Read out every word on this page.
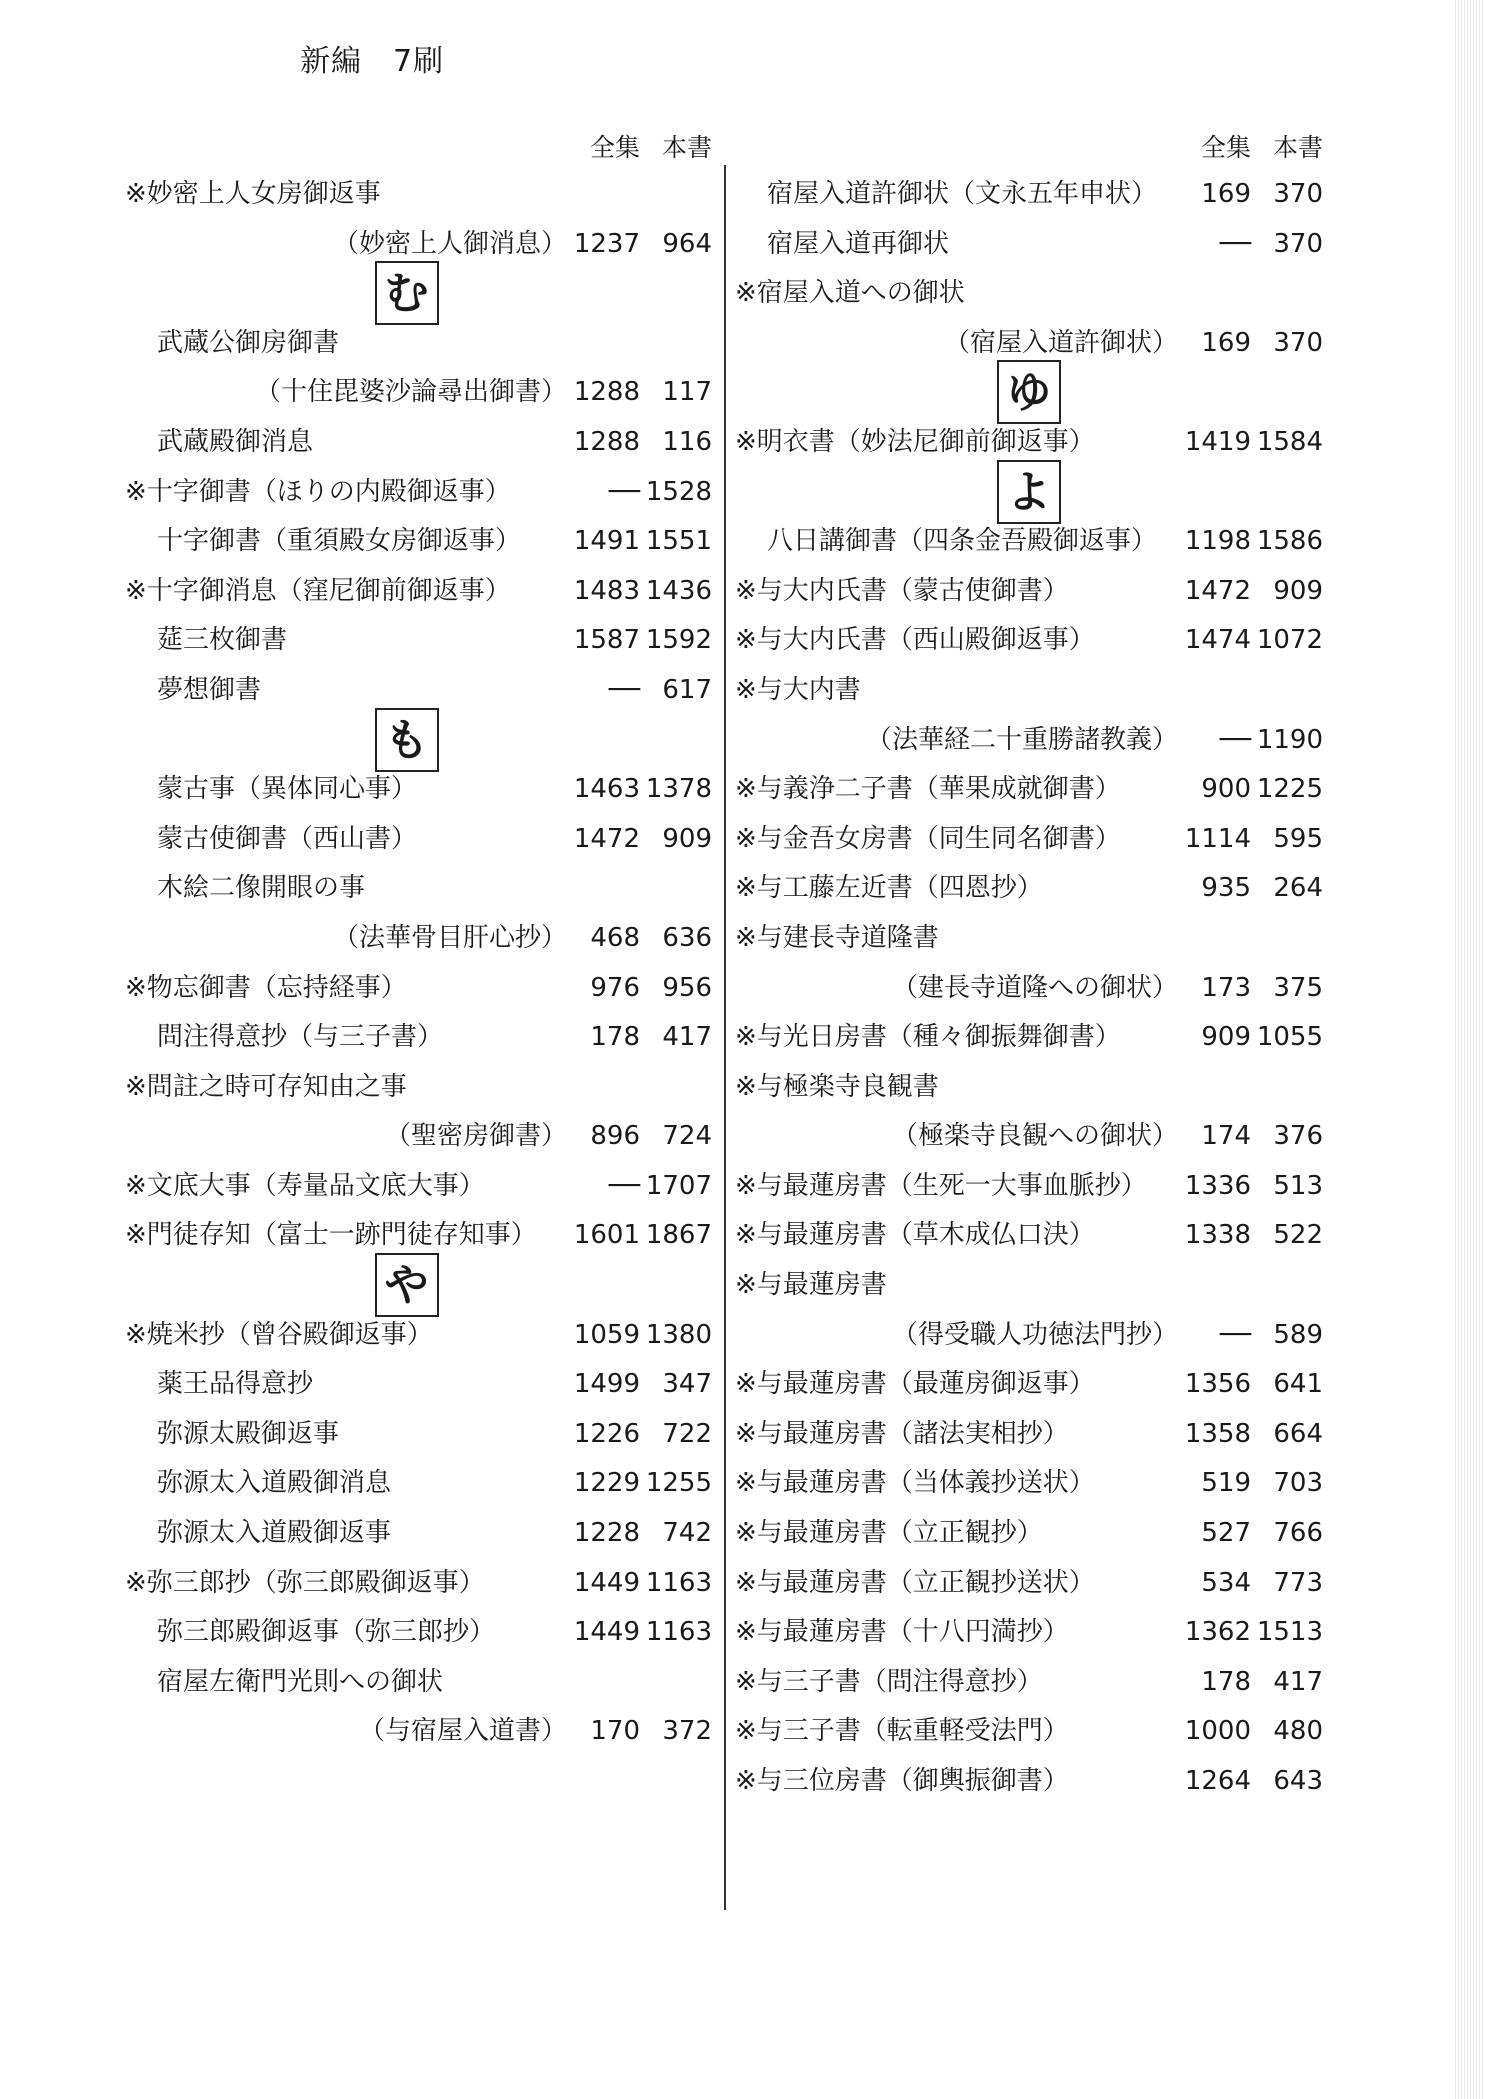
新編　7刷
全集 本書
※妙密上人女房御返事
（妙密上人御消息） 1237 964
む
武蔵公御房御書
（十住毘婆沙論尋出御書） 1288 117
武蔵殿御消息	1288 116
※十字御書（ほりの内殿御返事）	── 1528
十字御書（重須殿女房御返事） 1491 1551
※十字御消息（窪尼御前御返事） 1483 1436
莚三枚御書	1587 1592
夢想御書	── 617
も
蒙古事（異体同心事）	1463 1378
蒙古使御書（西山書）	1472 909
木絵二像開眼の事
（法華骨目肝心抄） 468 636
※物忘御書（忘持経事）	976 956
問注得意抄（与三子書）	178 417
※問註之時可存知由之事
（聖密房御書） 896 724
※文底大事（寿量品文底大事）	── 1707
※門徒存知（富士一跡門徒存知事） 1601 1867
や
※焼米抄（曾谷殿御返事）	1059 1380
薬王品得意抄	1499 347
弥源太殿御返事	1226 722
弥源太入道殿御消息	1229 1255
弥源太入道殿御返事	1228 742
※弥三郎抄（弥三郎殿御返事）	1449 1163
弥三郎殿御返事（弥三郎抄）	1449 1163
宿屋左衛門光則への御状
（与宿屋入道書） 170 372
全集 本書
宿屋入道許御状（文永五年申状） 169 370
宿屋入道再御状	── 370
※宿屋入道への御状
（宿屋入道許御状） 169 370
ゆ
※明衣書（妙法尼御前御返事）	1419 1584
よ
八日講御書（四条金吾殿御返事） 1198 1586
※与大内氏書（蒙古使御書）	1472 909
※与大内氏書（西山殿御返事）	1474 1072
※与大内書
（法華経二十重勝諸教義） ── 1190
※与義浄二子書（華果成就御書）	900 1225
※与金吾女房書（同生同名御書） 1114 595
※与工藤左近書（四恩抄）	935 264
※与建長寺道隆書
（建長寺道隆への御状） 173 375
※与光日房書（種々御振舞御書）	909 1055
※与極楽寺良観書
（極楽寺良観への御状） 174 376
※与最蓮房書（生死一大事血脈抄） 1336 513
※与最蓮房書（草木成仏口決）	1338 522
※与最蓮房書
（得受職人功徳法門抄） ── 589
※与最蓮房書（最蓮房御返事）	1356 641
※与最蓮房書（諸法実相抄）	1358 664
※与最蓮房書（当体義抄送状）	519 703
※与最蓮房書（立正観抄）	527 766
※与最蓮房書（立正観抄送状）	534 773
※与最蓮房書（十八円満抄）	1362 1513
※与三子書（問注得意抄）	178 417
※与三子書（転重軽受法門）	1000 480
※与三位房書（御輿振御書）	1264 643
